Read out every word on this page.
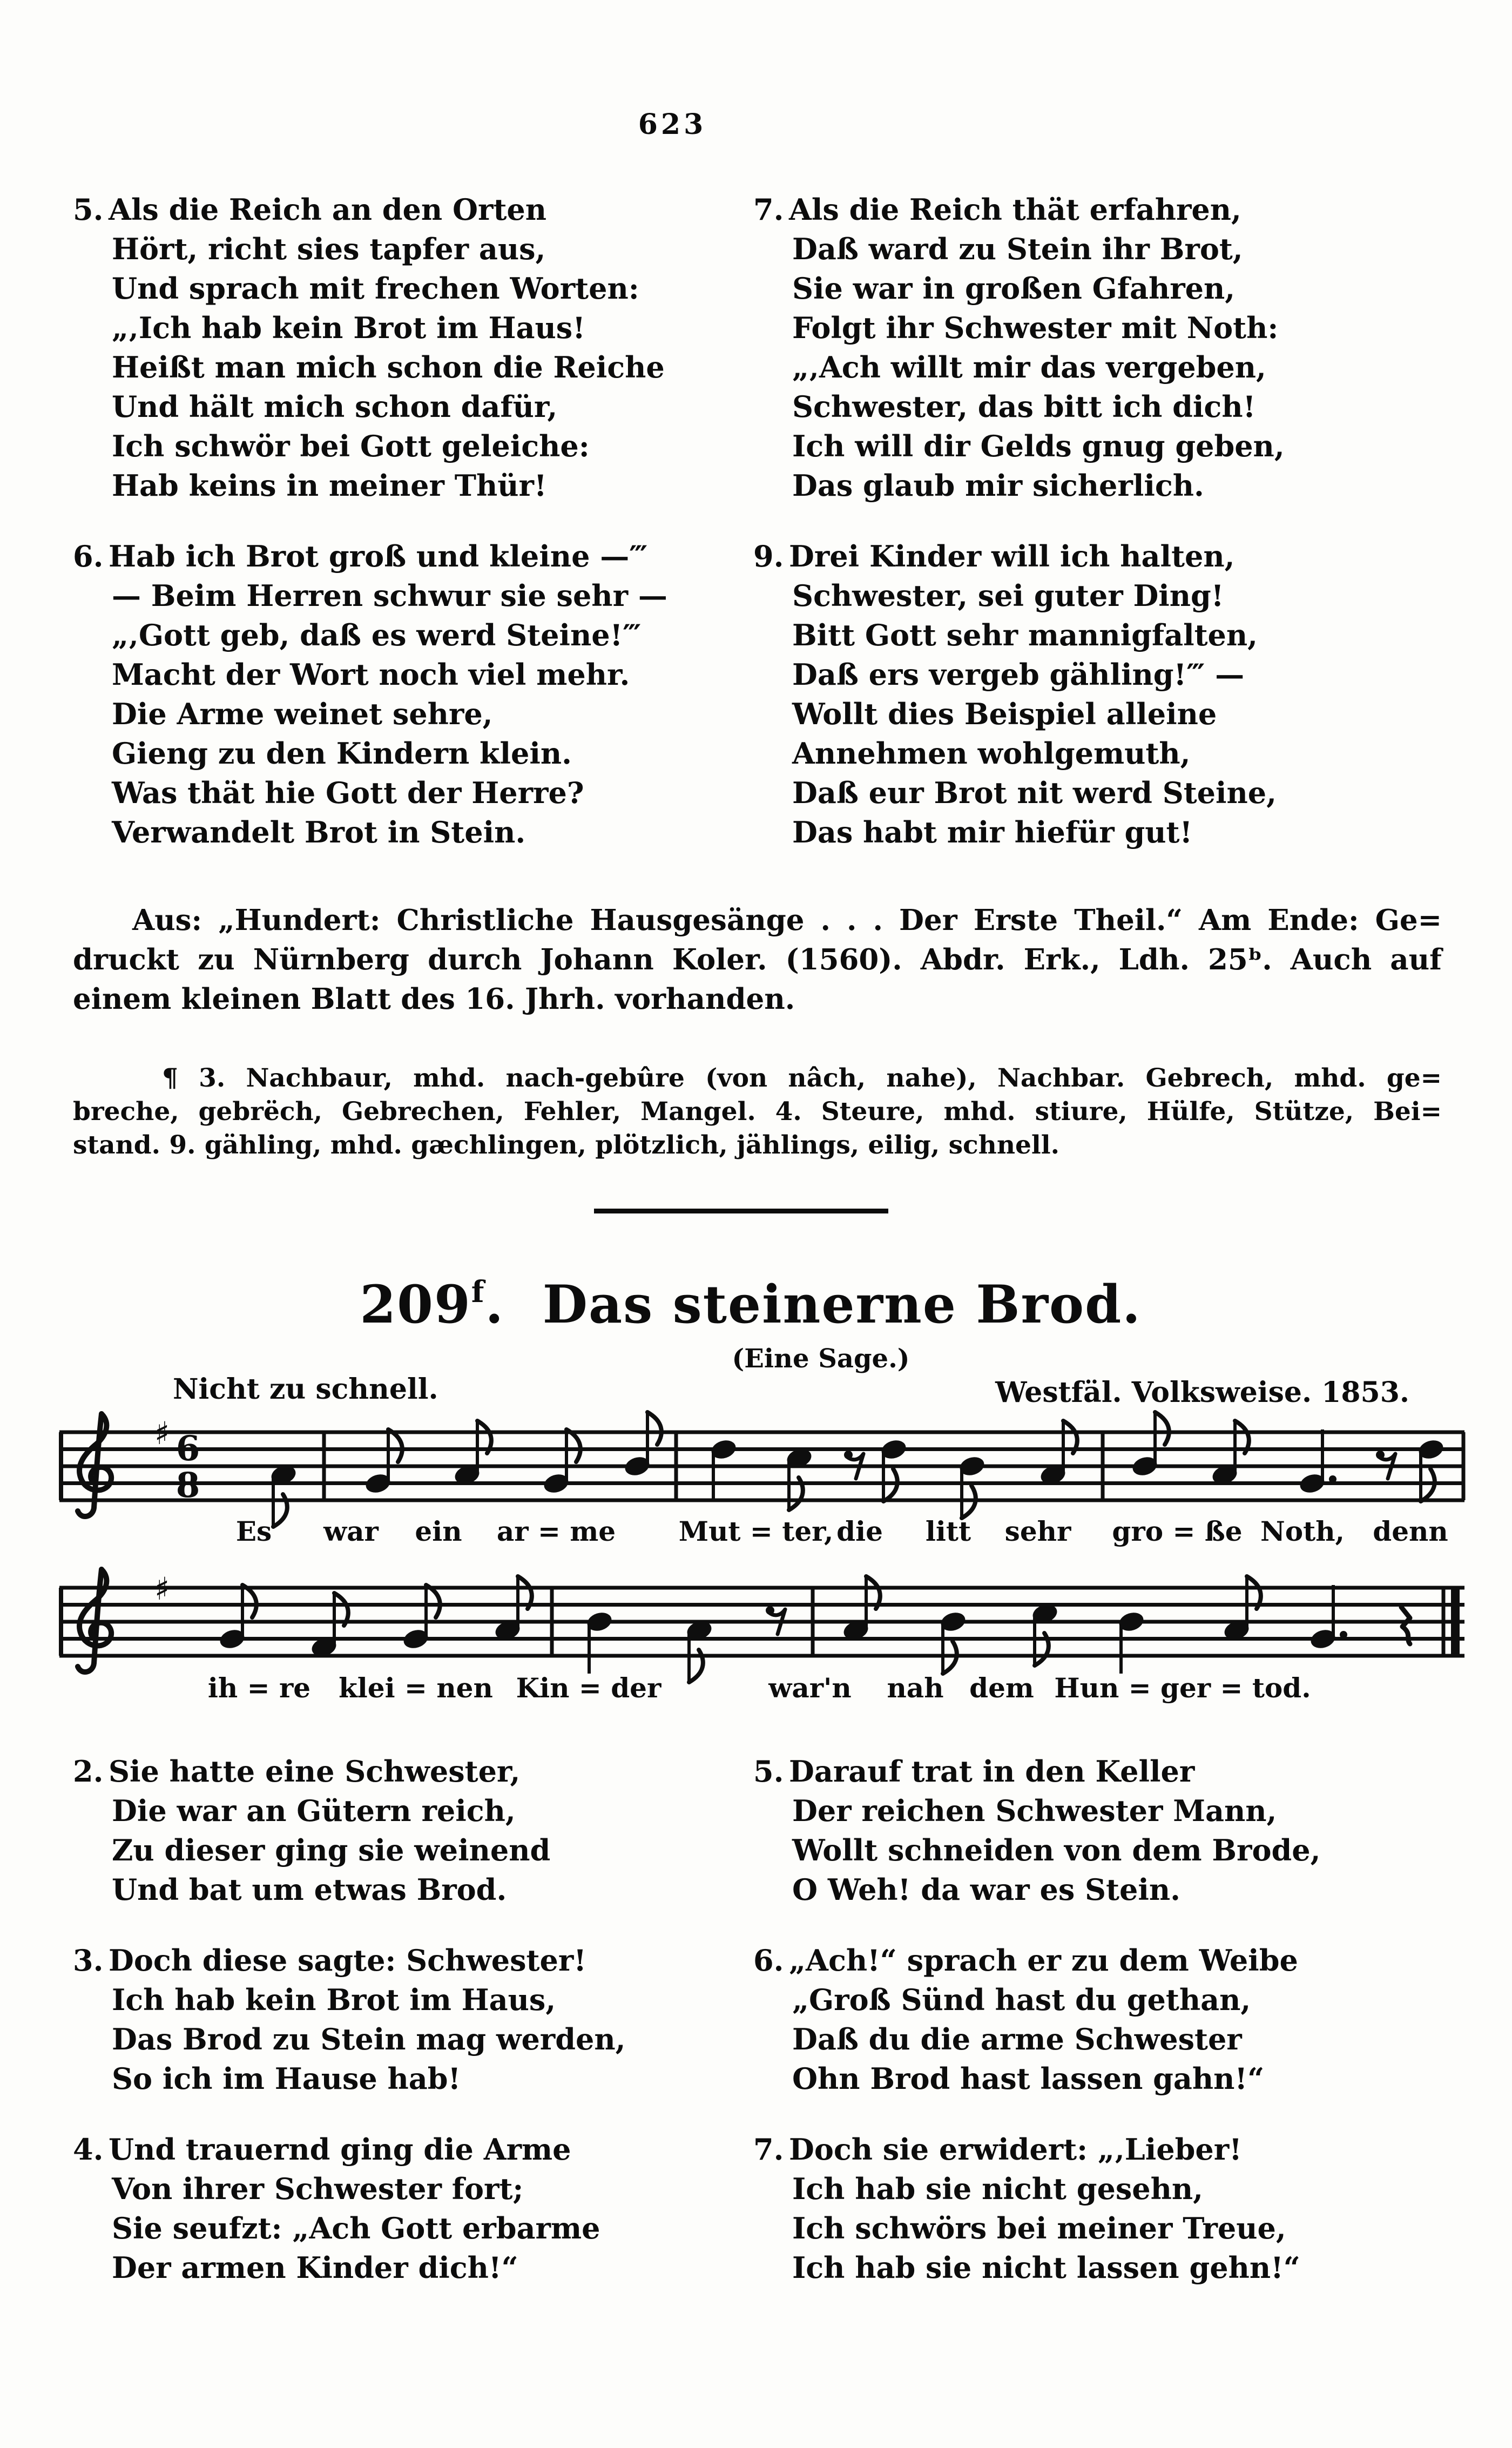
623
5. Als die Reich an den Orten
Hört, richt sies tapfer aus,
Und sprach mit frechen Worten:
„‚Ich hab kein Brot im Haus!
Heißt man mich schon die Reiche
Und hält mich schon dafür,
Ich schwör bei Gott geleiche:
Hab keins in meiner Thür!
6. Hab ich Brot groß und kleine —‴
— Beim Herren schwur sie sehr —
„‚Gott geb, daß es werd Steine!‴
Macht der Wort noch viel mehr.
Die Arme weinet sehre,
Gieng zu den Kindern klein.
Was thät hie Gott der Herre?
Verwandelt Brot in Stein.
7. Als die Reich thät erfahren,
Daß ward zu Stein ihr Brot,
Sie war in großen Gfahren,
Folgt ihr Schwester mit Noth:
„‚Ach willt mir das vergeben,
Schwester, das bitt ich dich!
Ich will dir Gelds gnug geben,
Das glaub mir sicherlich.
9. Drei Kinder will ich halten,
Schwester, sei guter Ding!
Bitt Gott sehr mannigfalten,
Daß ers vergeb gähling!‴ —
Wollt dies Beispiel alleine
Annehmen wohlgemuth,
Daß eur Brot nit werd Steine,
Das habt mir hiefür gut!
Aus: „Hundert: Christliche Hausgesänge . . . Der Erste Theil.“ Am Ende: Ge=
druckt zu Nürnberg durch Johann Koler. (1560). Abdr. Erk., Ldh. 25ᵇ. Auch auf
einem kleinen Blatt des 16. Jhrh. vorhanden.
¶ 3. Nachbaur, mhd. nach-gebûre (von nâch, nahe), Nachbar. Gebrech, mhd. ge=
breche, gebrëch, Gebrechen, Fehler, Mangel. 4. Steure, mhd. stiure, Hülfe, Stütze, Bei=
stand. 9. gähling, mhd. gæchlingen, plötzlich, jählings, eilig, schnell.
209$^f$. Das steinerne Brod.
(Eine Sage.)
Nicht zu schnell.	Westfäl. Volksweise. 1853.
♯ 6
8
♯
Es war ein ar = me Mut = ter, die litt sehr gro = ße Noth, denn
ih = re klei = nen Kin = der	war'n nah dem Hun = ger = tod.
2. Sie hatte eine Schwester,
Die war an Gütern reich,
Zu dieser ging sie weinend
Und bat um etwas Brod.
3. Doch diese sagte: Schwester!
Ich hab kein Brot im Haus,
Das Brod zu Stein mag werden,
So ich im Hause hab!
4. Und trauernd ging die Arme
Von ihrer Schwester fort;
Sie seufzt: „Ach Gott erbarme
Der armen Kinder dich!“
5. Darauf trat in den Keller
Der reichen Schwester Mann,
Wollt schneiden von dem Brode,
O Weh! da war es Stein.
6. „Ach!“ sprach er zu dem Weibe
„Groß Sünd hast du gethan,
Daß du die arme Schwester
Ohn Brod hast lassen gahn!“
7. Doch sie erwidert: „‚Lieber!
Ich hab sie nicht gesehn,
Ich schwörs bei meiner Treue,
Ich hab sie nicht lassen gehn!“
